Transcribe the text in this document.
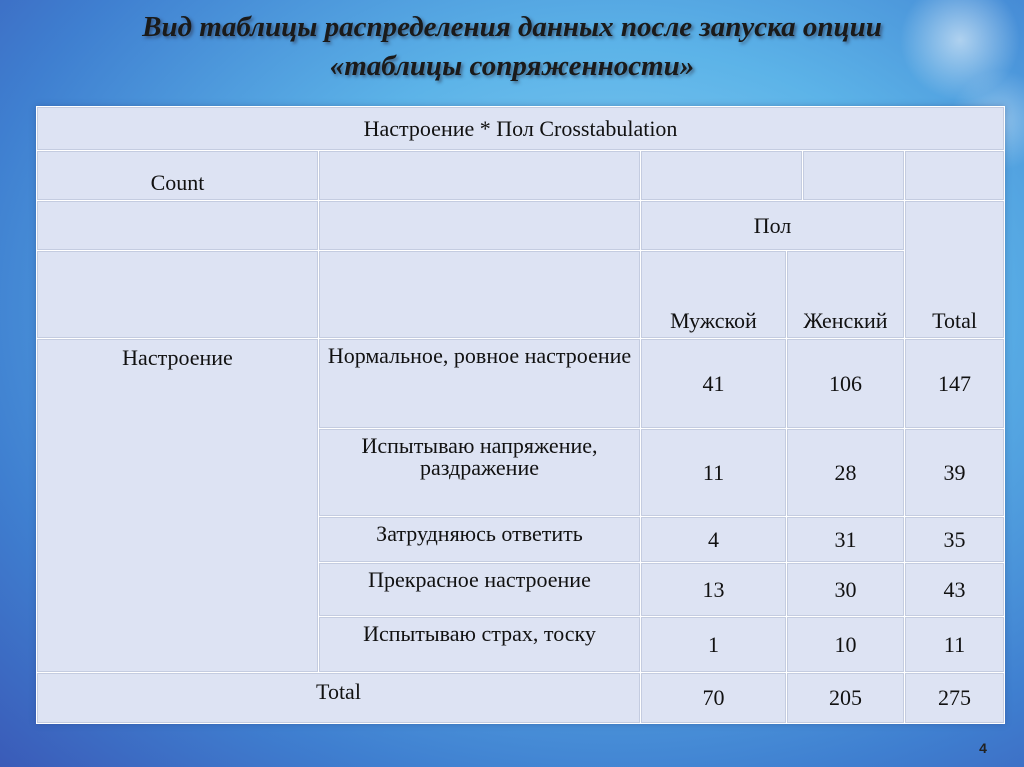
Вид таблицы распределения данных после запуска опции
«таблицы сопряженности»
Настроение * Пол Crosstabulation					
Count					
		Пол			Total
		Мужской	Женский		
Настроение	Нормальное, ровное настроение	41	106		147
	Испытываю напряжение, раздражение	11	28		39
	Затрудняюсь ответить	4	31		35
	Прекрасное настроение	13	30		43
	Испытываю страх, тоску	1	10		11
Total		70	205		275
4
